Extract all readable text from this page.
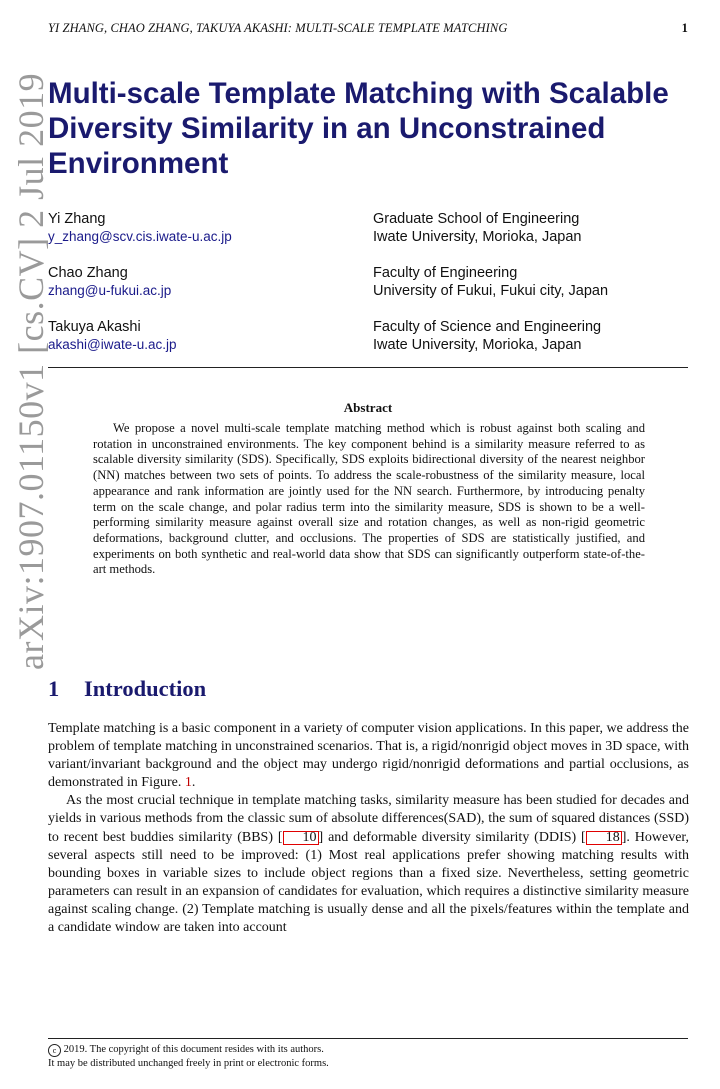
YI ZHANG, CHAO ZHANG, TAKUYA AKASHI: MULTI-SCALE TEMPLATE MATCHING	1
arXiv:1907.01150v1 [cs.CV] 2 Jul 2019
Multi-scale Template Matching with Scalable Diversity Similarity in an Unconstrained Environment
Yi Zhang
y_zhang@scv.cis.iwate-u.ac.jp
Graduate School of Engineering
Iwate University, Morioka, Japan
Chao Zhang
zhang@u-fukui.ac.jp
Faculty of Engineering
University of Fukui, Fukui city, Japan
Takuya Akashi
akashi@iwate-u.ac.jp
Faculty of Science and Engineering
Iwate University, Morioka, Japan
Abstract
We propose a novel multi-scale template matching method which is robust against both scaling and rotation in unconstrained environments. The key component behind is a similarity measure referred to as scalable diversity similarity (SDS). Specifically, SDS exploits bidirectional diversity of the nearest neighbor (NN) matches between two sets of points. To address the scale-robustness of the similarity measure, local appearance and rank information are jointly used for the NN search. Furthermore, by introducing penalty term on the scale change, and polar radius term into the similarity measure, SDS is shown to be a well-performing similarity measure against overall size and rotation changes, as well as non-rigid geometric deformations, background clutter, and occlusions. The properties of SDS are statistically justified, and experiments on both synthetic and real-world data show that SDS can significantly outperform state-of-the-art methods.
1 Introduction

Template matching is a basic component in a variety of computer vision applications. In this paper, we address the problem of template matching in unconstrained scenarios. That is, a rigid/nonrigid object moves in 3D space, with variant/invariant background and the object may undergo rigid/nonrigid deformations and partial occlusions, as demonstrated in Figure. 1.

As the most crucial technique in template matching tasks, similarity measure has been studied for decades and yields in various methods from the classic sum of absolute differences(SAD), the sum of squared distances (SSD) to recent best buddies similarity (BBS) [ 10 ] and deformable diversity similarity (DDIS) [ 18 ]. However, several aspects still need to be improved: (1) Most real applications prefer showing matching results with bounding boxes in variable sizes to include object regions than a fixed size. Nevertheless, setting geometric parameters can result in an expansion of candidates for evaluation, which requires a distinctive similarity measure against scaling change. (2) Template matching is usually dense and all the pixels/features within the template and a candidate window are taken into account

c 2019. The copyright of this document resides with its authors.
It may be distributed unchanged freely in print or electronic forms.
